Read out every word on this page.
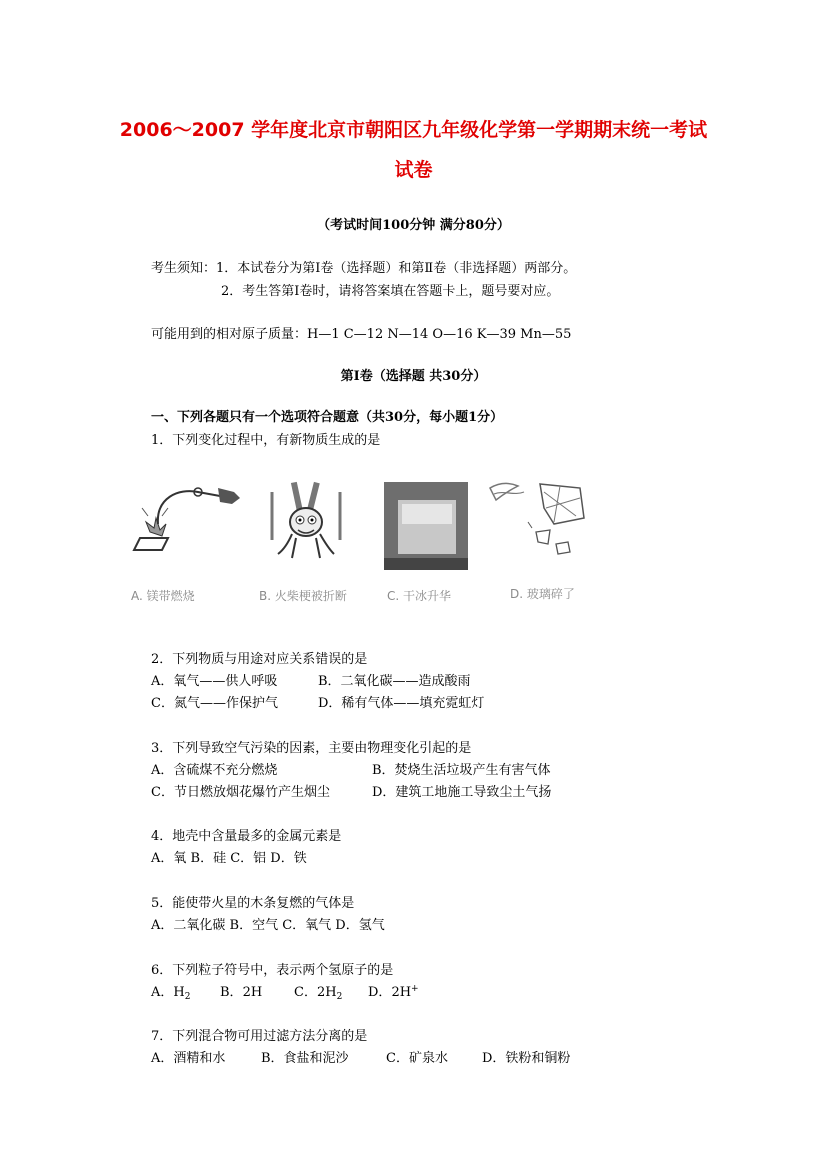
2006～2007 学年度北京市朝阳区九年级化学第一学期期末统一考试
试卷
（考试时间100分钟 满分80分）
考生须知：1．本试卷分为第Ⅰ卷（选择题）和第Ⅱ卷（非选择题）两部分。
2．考生答第Ⅰ卷时，请将答案填在答题卡上，题号要对应。
可能用到的相对原子质量：H—1 C—12 N—14 O—16 K—39 Mn—55
第Ⅰ卷（选择题 共30分）
一、下列各题只有一个选项符合题意（共30分，每小题1分）
1．下列变化过程中，有新物质生成的是
A. 镁带燃烧	B. 火柴梗被折断	C. 干冰升华	D. 玻璃碎了
2．下列物质与用途对应关系错误的是
A．氧气——供人呼吸	B．二氧化碳——造成酸雨
C．氮气——作保护气	D．稀有气体——填充霓虹灯
3．下列导致空气污染的因素，主要由物理变化引起的是
A．含硫煤不充分燃烧	B．焚烧生活垃圾产生有害气体
C．节日燃放烟花爆竹产生烟尘	D．建筑工地施工导致尘土气扬
4．地壳中含量最多的金属元素是
A．氧 B．硅 C．铝 D．铁
5．能使带火星的木条复燃的气体是
A．二氧化碳 B．空气 C．氧气 D．氢气
6．下列粒子符号中，表示两个氢原子的是
A．$H_2$ B．2H C．$2H_2$ D．2H+
7．下列混合物可用过滤方法分离的是
A．酒精和水	B．食盐和泥沙	C．矿泉水	D．铁粉和铜粉
